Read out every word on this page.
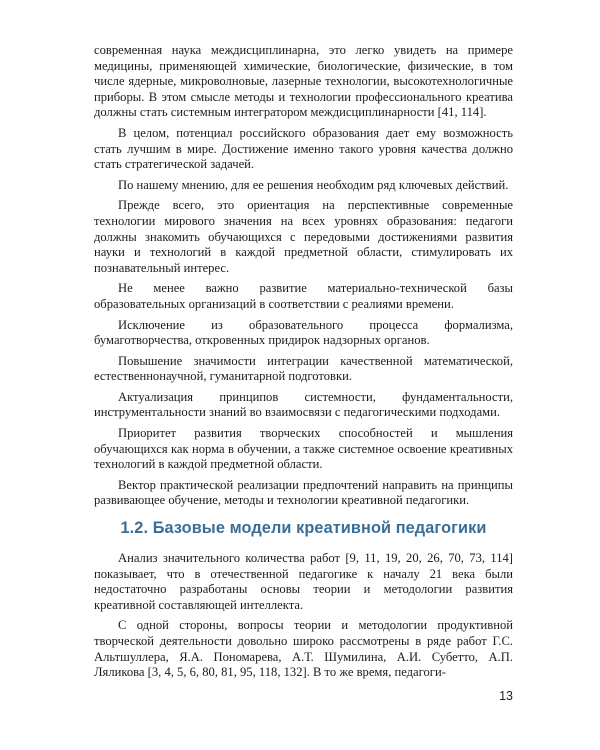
современная наука междисциплинарна, это легко увидеть на примере медицины, применяющей химические, биологические, физические, в том числе ядерные, микроволновые, лазерные технологии, высокотехнологичные приборы. В этом смысле методы и технологии профессионального креатива должны стать системным интегратором междисциплинарности [41, 114].

В целом, потенциал российского образования дает ему возможность стать лучшим в мире. Достижение именно такого уровня качества должно стать стратегической задачей.

По нашему мнению, для ее решения необходим ряд ключевых действий.

Прежде всего, это ориентация на перспективные современные технологии мирового значения на всех уровнях образования: педагоги должны знакомить обучающихся с передовыми достижениями развития науки и технологий в каждой предметной области, стимулировать их познавательный интерес.

Не менее важно развитие материально-технической базы образовательных организаций в соответствии с реалиями времени.

Исключение из образовательного процесса формализма, бумаготворчества, откровенных придирок надзорных органов.

Повышение значимости интеграции качественной математической, естественнонаучной, гуманитарной подготовки.

Актуализация принципов системности, фундаментальности, инструментальности знаний во взаимосвязи с педагогическими подходами.

Приоритет развития творческих способностей и мышления обучающихся как норма в обучении, а также системное освоение креативных технологий в каждой предметной области.

Вектор практической реализации предпочтений направить на принципы развивающее обучение, методы и технологии креативной педагогики.

1.2. Базовые модели креативной педагогики

Анализ значительного количества работ [9, 11, 19, 20, 26, 70, 73, 114] показывает, что в отечественной педагогике к началу 21 века были недостаточно разработаны основы теории и методологии развития креативной составляющей интеллекта.

С одной стороны, вопросы теории и методологии продуктивной творческой деятельности довольно широко рассмотрены в ряде работ Г.С. Альтшуллера, Я.А. Пономарева, А.Т. Шумилина, А.И. Субетто, А.П. Ляликова [3, 4, 5, 6, 80, 81, 95, 118, 132]. В то же время, педагоги-

13
